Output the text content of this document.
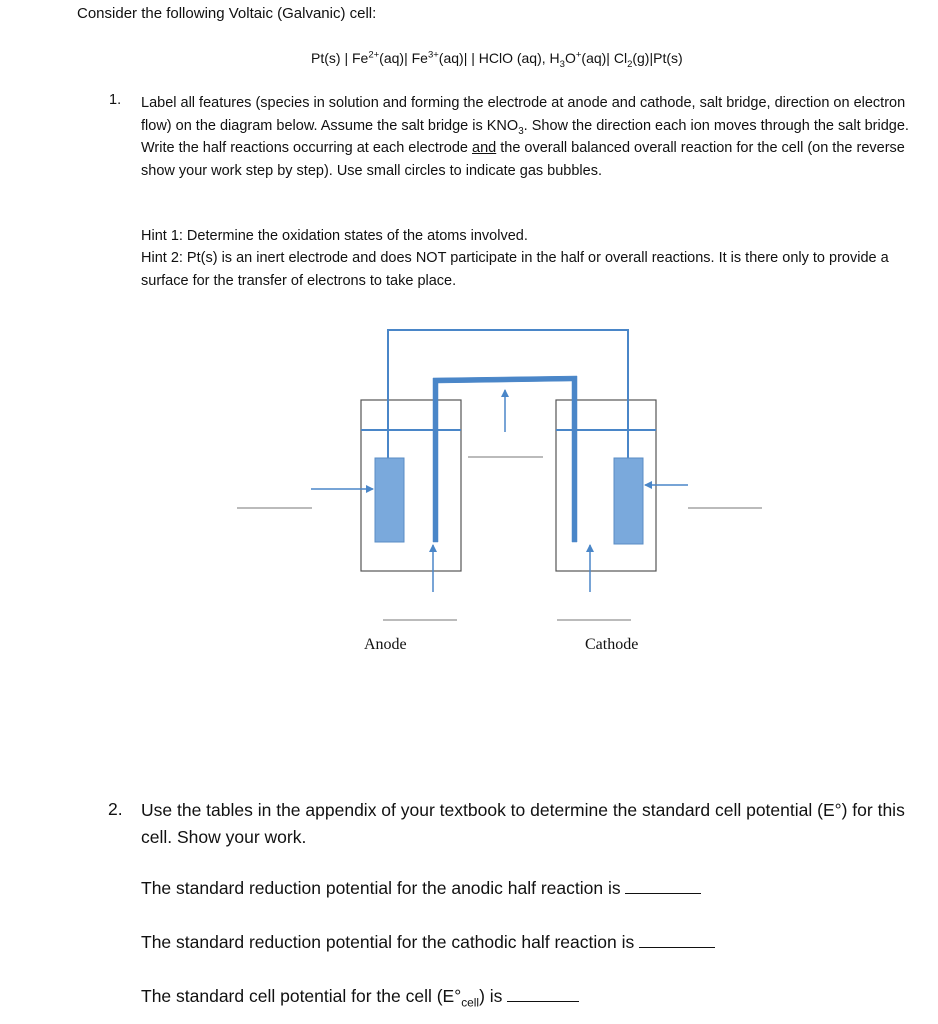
Consider the following Voltaic (Galvanic) cell:

Pt(s) | $Fe^{2+}(aq)|$ $Fe^{3+}(aq)|$ | HClO (aq), $H_3O^+(aq)|$ $Cl_2(g)|Pt(s)$

1. Label all features (species in solution and forming the electrode at anode and cathode, salt bridge, direction on electron flow) on the diagram below. Assume the salt bridge is $KNO_3$. Show the direction each ion moves through the salt bridge. Write the half reactions occurring at each electrode and the overall balanced overall reaction for the cell (on the reverse show your work step by step). Use small circles to indicate gas bubbles.

Hint 1: Determine the oxidation states of the atoms involved.

Hint 2: Pt(s) is an inert electrode and does NOT participate in the half or overall reactions. It is there only to provide a surface for the transfer of electrons to take place.

Anode	Cathode

2. Use the tables in the appendix of your textbook to determine the standard cell potential (E°) for this cell. Show your work.

The standard reduction potential for the anodic half reaction is

The standard reduction potential for the cathodic half reaction is

The standard cell potential for the cell $(E^\circ_{cell})$ is
